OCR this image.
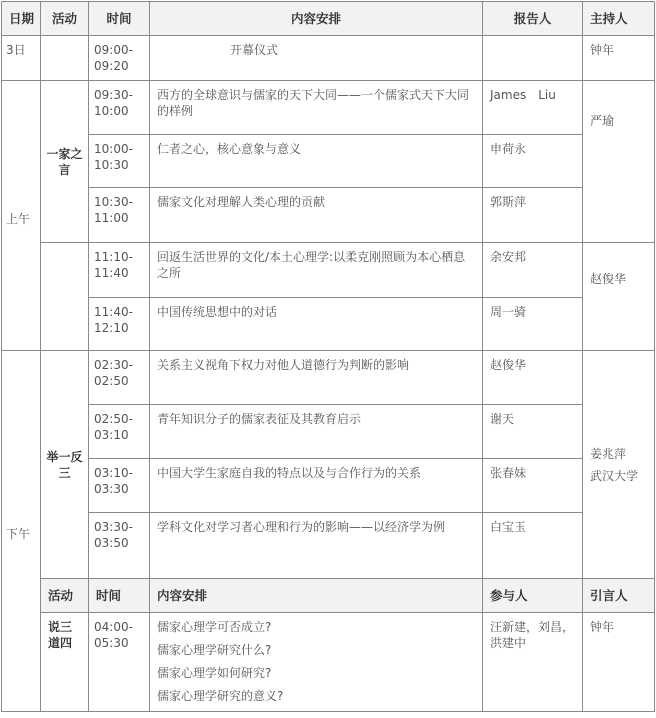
日期	活动	时间	内容安排	报告人	主持人
3日		09:00-09:20	开幕仪式		钟年
上午	一家之言	09:30-10:00	西方的全球意识与儒家的天下大同——一个儒家式天下大同的样例	James　Liu	严瑜
		10:00-10:30	仁者之心，核心意象与意义	申荷永	
		10:30-11:00	儒家文化对理解人类心理的贡献	郭斯萍	
		11:10-11:40	回返生活世界的文化/本土心理学:以柔克刚照顾为本心栖息之所	余安邦	赵俊华
		11:40-12:10	中国传统思想中的对话	周一骑	
下午	举一反三	02:30-02:50	关系主义视角下权力对他人道德行为判断的影响	赵俊华	姜兆萍
武汉大学

		02:50-03:10	青年知识分子的儒家表征及其教育启示	谢天	
		03:10-03:30	中国大学生家庭自我的特点以及与合作行为的关系	张春妹	
		03:30-03:50	学科文化对学习者心理和行为的影响——以经济学为例	白宝玉	
	活动	时间	内容安排	参与人	引言人
	说三道四	04:00-05:30	儒家心理学可否成立?
儒家心理学研究什么?
儒家心理学如何研究?
儒家心理学研究的意义?	汪新建，刘昌，洪建中	钟年
